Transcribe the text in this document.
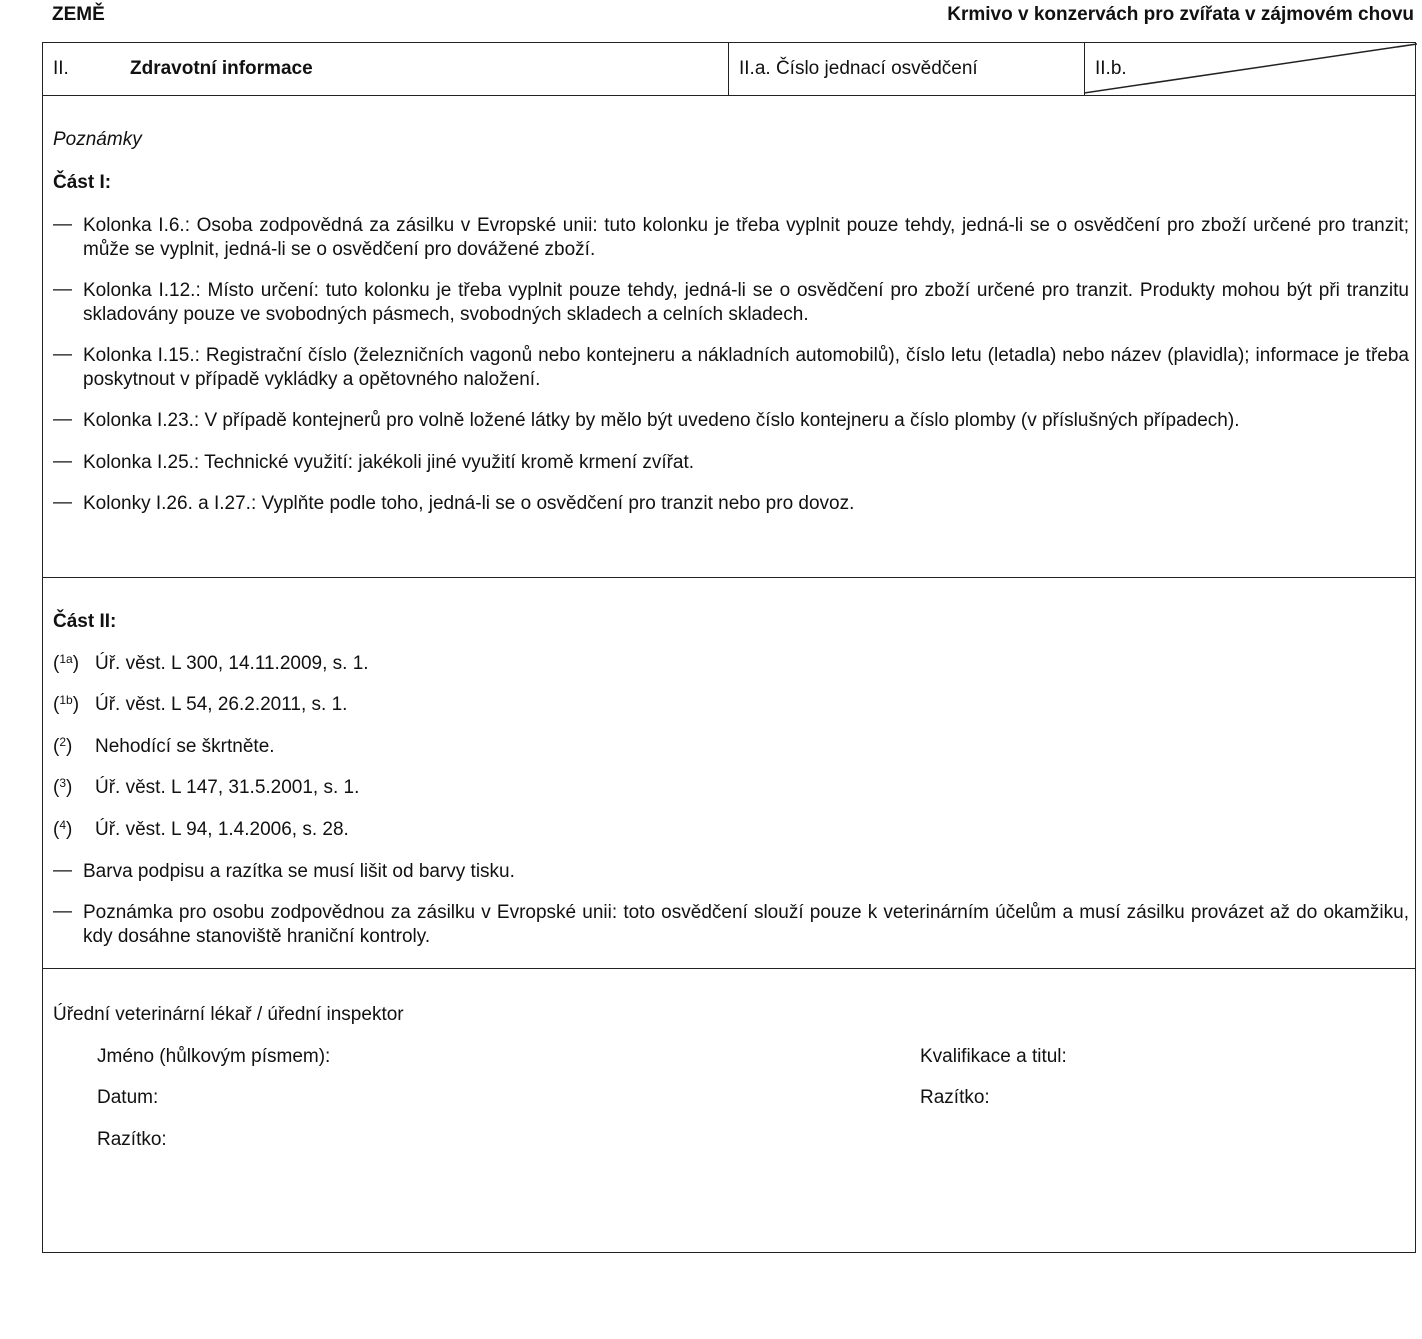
ZEMĚ	Krmivo v konzervách pro zvířata v zájmovém chovu
II.	Zdravotní informace	II.a. Číslo jednací osvědčení	II.b.
Poznámky
Část I:
— Kolonka I.6.: Osoba zodpovědná za zásilku v Evropské unii: tuto kolonku je třeba vyplnit pouze tehdy, jedná-li se o osvědčení pro zboží určené pro tranzit; může se vyplnit, jedná-li se o osvědčení pro dovážené zboží.
— Kolonka I.12.: Místo určení: tuto kolonku je třeba vyplnit pouze tehdy, jedná-li se o osvědčení pro zboží určené pro tranzit. Produkty mohou být při tranzitu skladovány pouze ve svobodných pásmech, svobodných skladech a celních skladech.
— Kolonka I.15.: Registrační číslo (železničních vagonů nebo kontejneru a nákladních automobilů), číslo letu (letadla) nebo název (plavidla); informace je třeba poskytnout v případě vykládky a opětovného naložení.
— Kolonka I.23.: V případě kontejnerů pro volně ložené látky by mělo být uvedeno číslo kontejneru a číslo plomby (v příslušných případech).
— Kolonka I.25.: Technické využití: jakékoli jiné využití kromě krmení zvířat.
— Kolonky I.26. a I.27.: Vyplňte podle toho, jedná-li se o osvědčení pro tranzit nebo pro dovoz.
Část II:
($^{1a}$) Úř. věst. L 300, 14.11.2009, s. 1.
($^{1b}$) Úř. věst. L 54, 26.2.2011, s. 1.
($^2$) Nehodící se škrtněte.
($^3$) Úř. věst. L 147, 31.5.2001, s. 1.
($^4$) Úř. věst. L 94, 1.4.2006, s. 28.
— Barva podpisu a razítka se musí lišit od barvy tisku.
— Poznámka pro osobu zodpovědnou za zásilku v Evropské unii: toto osvědčení slouží pouze k veterinárním účelům a musí zásilku provázet až do okamžiku, kdy dosáhne stanoviště hraniční kontroly.
Úřední veterinární lékař / úřední inspektor
Jméno (hůlkovým písmem):	Kvalifikace a titul:
Datum:	Razítko:
Razítko:
